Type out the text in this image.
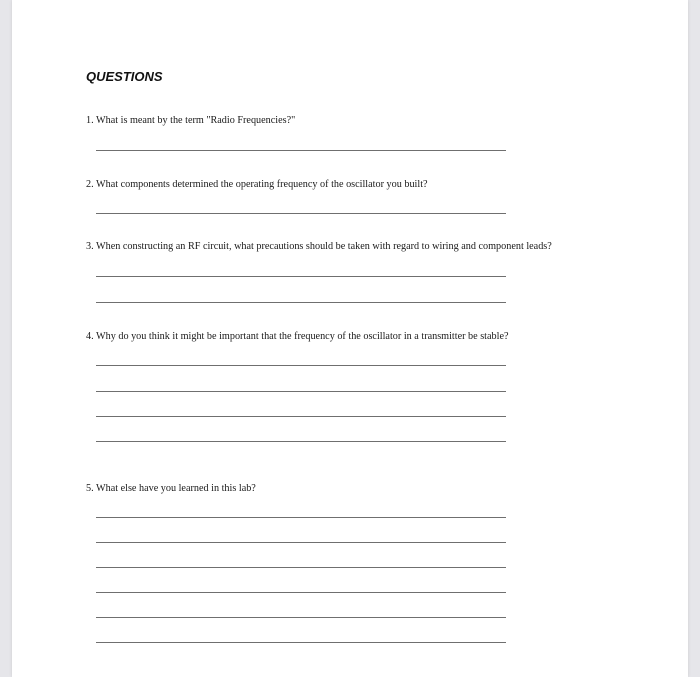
QUESTIONS
1. What is meant by the term "Radio Frequencies?"
2. What components determined the operating frequency of the oscillator you built?
3. When constructing an RF circuit, what precautions should be taken with regard to wiring and component leads?
4. Why do you think it might be important that the frequency of the oscillator in a transmitter be stable?
5. What else have you learned in this lab?
